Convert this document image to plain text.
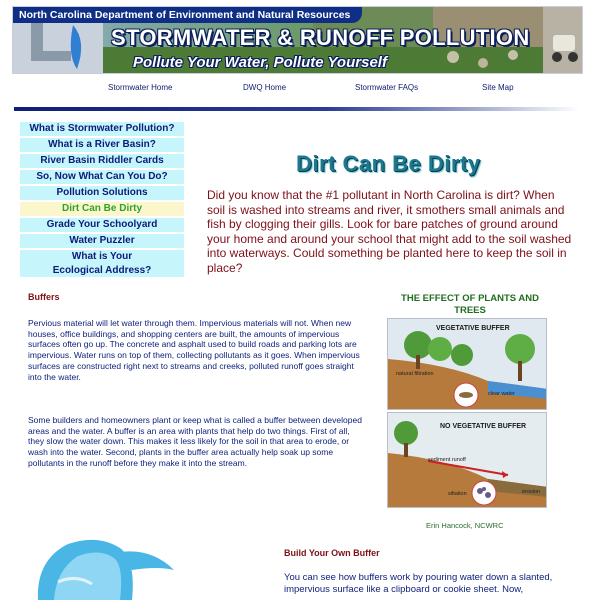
North Carolina Department of Environment and Natural Resources
STORMWATER & RUNOFF POLLUTION
Pollute Your Water, Pollute Yourself
Stormwater Home	DWQ Home	Stormwater FAQs	Site Map
What is Stormwater Pollution?
What is a River Basin?
River Basin Riddler Cards
So, Now What Can You Do?
Pollution Solutions
Dirt Can Be Dirty
Grade Your Schoolyard
Water Puzzler
What is Your
Ecological Address?
Dirt Can Be Dirty

Did you know that the #1 pollutant in North Carolina is dirt? When soil is washed into streams and river, it smothers small animals and fish by clogging their gills. Look for bare patches of ground around your home and around your school that might add to the soil washed into waterways. Could something be planted here to keep the soil in place?

Buffers

Pervious material will let water through them. Impervious materials will not. When new houses, office buildings, and shopping centers are built, the amounts of impervious surfaces often go up. The concrete and asphalt used to build roads and parking lots are impervious. Water runs on top of them, collecting pollutants as it goes. When impervious surfaces are constructed right next to streams and creeks, polluted runoff goes straight into the water.

Some builders and homeowners plant or keep what is called a buffer between developed areas and the water. A buffer is an area with plants that help do two things. First of all, they slow the water down. This makes it less likely for the soil in that area to erode, or wash into the water. Second, plants in the buffer area actually help soak up some pollutants in the runoff before they make it into the stream.

THE EFFECT OF PLANTS AND TREES
VEGETATIVE BUFFER
natural filtration
clear water
NO VEGETATIVE BUFFER
sediment runoff
siltation	erosion
Erin Hancock, NCWRC
Build Your Own Buffer

You can see how buffers work by pouring water down a slanted, impervious surface like a clipboard or cookie sheet. Now,
